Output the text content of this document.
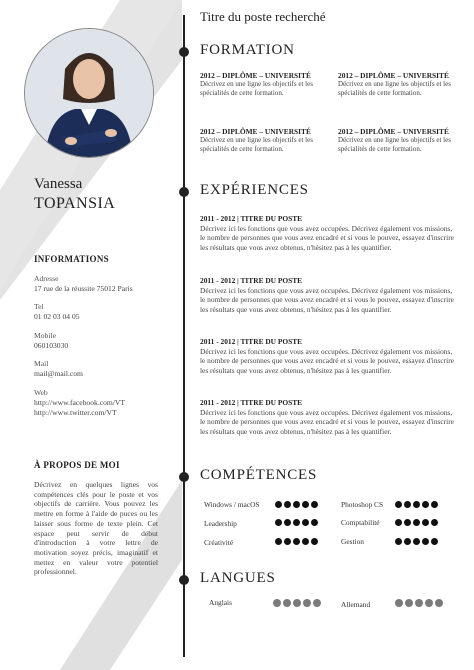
Vanessa
TOPANSIA
INFORMATIONS
Adresse
17 rue de la réussite 75012 Paris
Tel
01 02 03 04 05
Mobile
060103030
Mail
mail@mail.com
Web
http://www.facebook.com/VT
http://www.twitter.com/VT
À PROPOS DE MOI
Décrivez en quelques lignes vos compétences clés pour le poste et vos objectifs de carrière. Vous pouvez les mettre en forme à l'aide de puces ou les laisser sous forme de texte plein. Cet espace peut servir de début d'introduction à votre lettre de motivation soyez précis, imaginatif et mettez en valeur votre potentiel professionnel.
Titre du poste recherché
FORMATION
2012 – DIPLÔME – UNIVERSITÉ
Décrivez en une ligne les objectifs et les spécialités de cette formation.
2012 – DIPLÔME – UNIVERSITÉ
Décrivez en une ligne les objectifs et les spécialités de cette formation.
2012 – DIPLÔME – UNIVERSITÉ
Décrivez en une ligne les objectifs et les spécialités de cette formation.
2012 – DIPLÔME – UNIVERSITÉ
Décrivez en une ligne les objectifs et les spécialités de cette formation.
EXPÉRIENCES
2011 - 2012 | TITRE DU POSTE
Décrivez ici les fonctions que vous avez occupées. Décrivez également vos missions, le nombre de personnes que vous avez encadré et si vous le pouvez, essayez d'inscrire les résultats que vous avez obtenus, n'hésitez pas à les quantifier.
2011 - 2012 | TITRE DU POSTE
Décrivez ici les fonctions que vous avez occupées. Décrivez également vos missions, le nombre de personnes que vous avez encadré et si vous le pouvez, essayez d'inscrire les résultats que vous avez obtenus, n'hésitez pas à les quantifier.
2011 - 2012 | TITRE DU POSTE
Décrivez ici les fonctions que vous avez occupées. Décrivez également vos missions, le nombre de personnes que vous avez encadré et si vous le pouvez, essayez d'inscrire les résultats que vous avez obtenus, n'hésitez pas à les quantifier.
2011 - 2012 | TITRE DU POSTE
Décrivez ici les fonctions que vous avez occupées. Décrivez également vos missions, le nombre de personnes que vous avez encadré et si vous le pouvez, essayez d'inscrire les résultats que vous avez obtenus, n'hésitez pas à les quantifier.
COMPÉTENCES
Windows / macOS	Photoshop CS
Leadership	Comptabilité
Créativité	Gestion
LANGUES
Anglais	Allemand
